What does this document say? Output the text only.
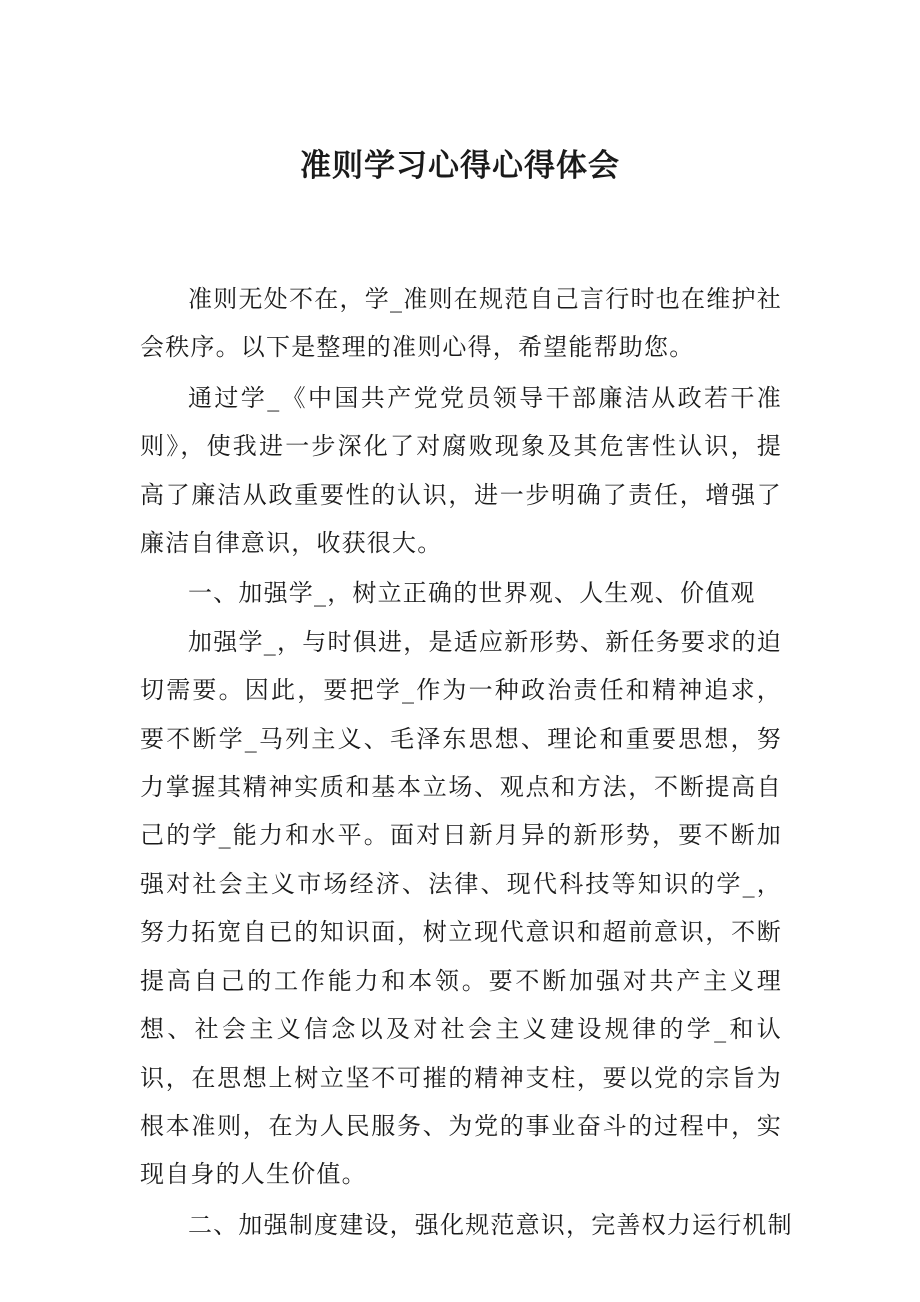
准则学习心得心得体会

准则无处不在，学_准则在规范自己言行时也在维护社会秩序。以下是整理的准则心得，希望能帮助您。

通过学_《中国共产党党员领导干部廉洁从政若干准则》，使我进一步深化了对腐败现象及其危害性认识，提高了廉洁从政重要性的认识，进一步明确了责任，增强了廉洁自律意识，收获很大。

一、加强学_，树立正确的世界观、人生观、价值观

加强学_，与时俱进，是适应新形势、新任务要求的迫切需要。因此，要把学_作为一种政治责任和精神追求，要不断学_马列主义、毛泽东思想、理论和重要思想，努力掌握其精神实质和基本立场、观点和方法，不断提高自己的学_能力和水平。面对日新月异的新形势，要不断加强对社会主义市场经济、法律、现代科技等知识的学_，努力拓宽自已的知识面，树立现代意识和超前意识，不断提高自己的工作能力和本领。要不断加强对共产主义理想、社会主义信念以及对社会主义建设规律的学_和认识，在思想上树立坚不可摧的精神支柱，要以党的宗旨为根本准则，在为人民服务、为党的事业奋斗的过程中，实现自身的人生价值。

二、加强制度建设，强化规范意识，完善权力运行机制
